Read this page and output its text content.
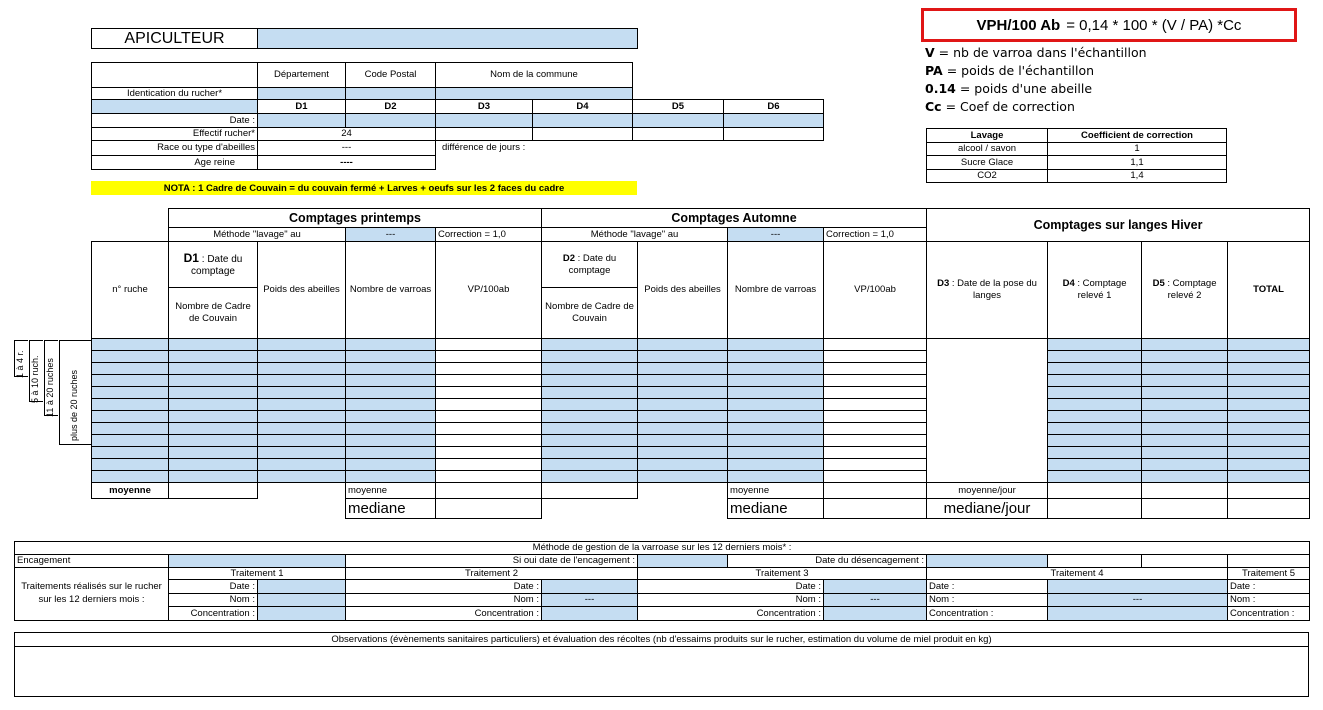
APICULTEUR	
VPH/100 Ab = 0,14 * 100 * (V / PA) *Cc
V = nb de varroa dans l'échantillon
PA = poids de l'échantillon
0.14 = poids d'une abeille
Cc = Coef de correction
Lavage	Coefficient de correction
alcool / savon	1
Sucre Glace	1,1
CO2	1,4
	Département	Code Postal	Nom de la commune			
Identication du rucher*						
	D1	D2	D3	D4	D5	D6
Date :						
Effectif rucher*	24					
Race ou type d'abeilles	---		différence de jours :			
Age reine	----					
NOTA : 1 Cadre de Couvain = du couvain fermé + Larves + oeufs sur les 2 faces du cadre
	Comptages printemps				Comptages Automne				Comptages sur langes Hiver			
	Méthode "lavage" au		---	Correction = 1,0	Méthode "lavage" au		---	Correction = 1,0				
n° ruche	D1 : Date du comptage	Poids des abeilles	Nombre de varroas	VP/100ab	D2 : Date du comptage	Poids des abeilles	Nombre de varroas	VP/100ab	D3 : Date de la pose du langes	D4 : Comptage relevé 1	D5 : Comptage relevé 2	TOTAL
	Nombre de Cadre de Couvain				Nombre de Cadre de Couvain							

moyenne			moyenne				moyenne		moyenne/jour			
			mediane				mediane		mediane/jour			
1 à 4 r. 5 à 10 ruch. 11 à 20 ruches plus de 20 ruches
Méthode de gestion de la varroase sur les 12 derniers mois* :												
Encagement			Si oui date de l'encagement :			Date du désencagement :						
Traitements réalisés sur le rucher sur les 12 derniers mois :	Traitement 1		Traitement 2		Traitement 3			Traitement 4			Traitement 5	
	Date :		Date :		Date :			Date :			Date :	
	Nom :		Nom :	---	Nom :		---	Nom :	---		Nom :	
	Concentration :		Concentration :		Concentration :			Concentration :			Concentration :	
Observations (évènements sanitaires particuliers) et évaluation des récoltes (nb d'essaims produits sur le rucher, estimation du volume de miel produit en kg)
